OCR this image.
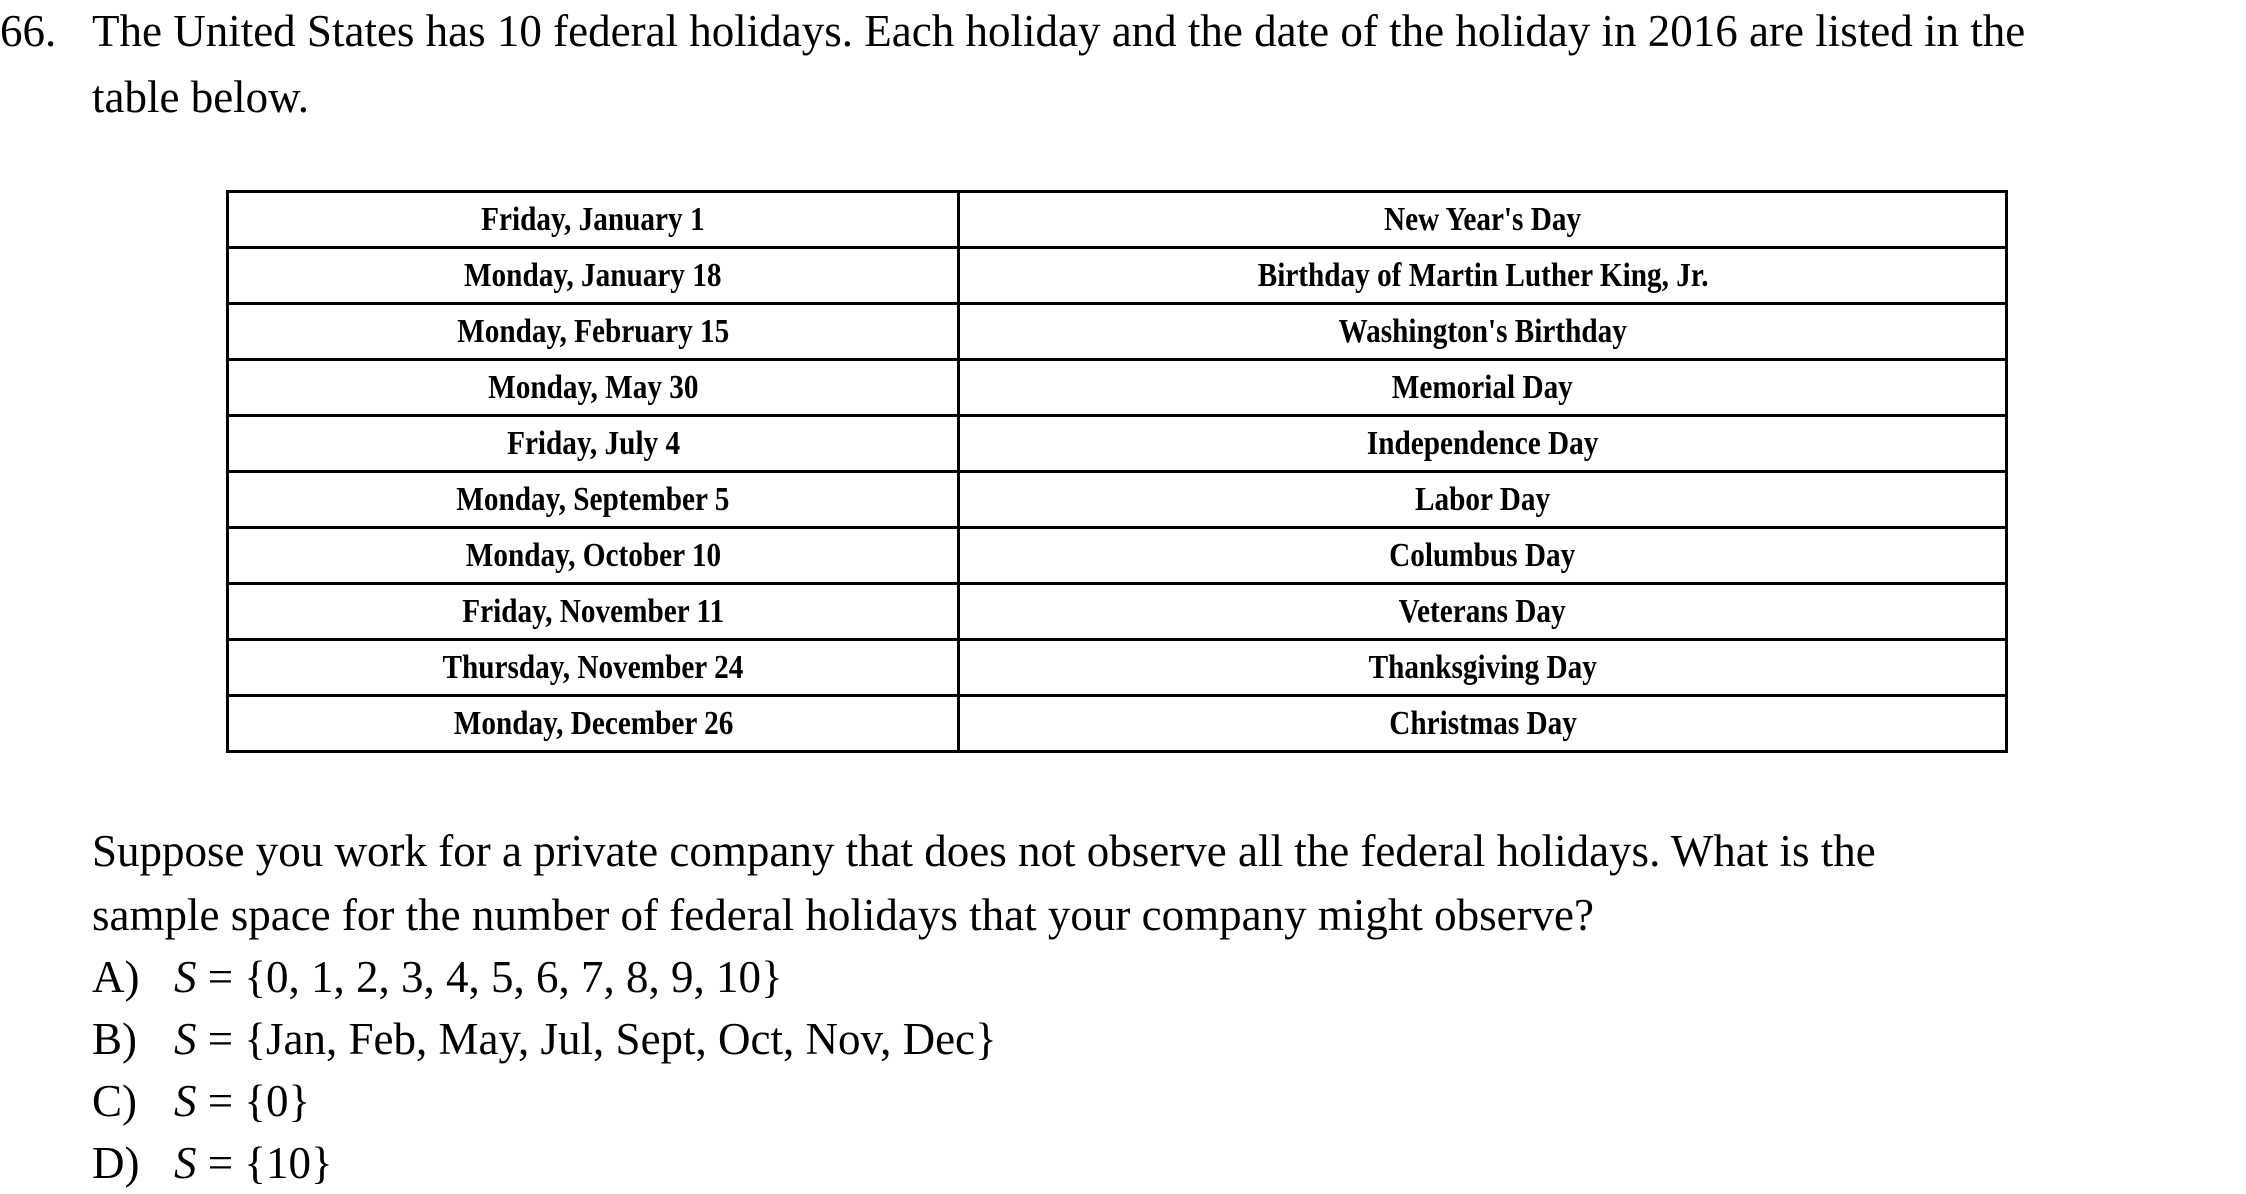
66. The United States has 10 federal holidays. Each holiday and the date of the holiday in 2016 are listed in the
table below.
Friday, January 1	New Year's Day
Monday, January 18	Birthday of Martin Luther King, Jr.
Monday, February 15	Washington's Birthday
Monday, May 30	Memorial Day
Friday, July 4	Independence Day
Monday, September 5	Labor Day
Monday, October 10	Columbus Day
Friday, November 11	Veterans Day
Thursday, November 24	Thanksgiving Day
Monday, December 26	Christmas Day
Suppose you work for a private company that does not observe all the federal holidays. What is the
sample space for the number of federal holidays that your company might observe?
A) S = {0, 1, 2, 3, 4, 5, 6, 7, 8, 9, 10}
B) S = {Jan, Feb, May, Jul, Sept, Oct, Nov, Dec}
C) S = {0}
D) S = {10}
